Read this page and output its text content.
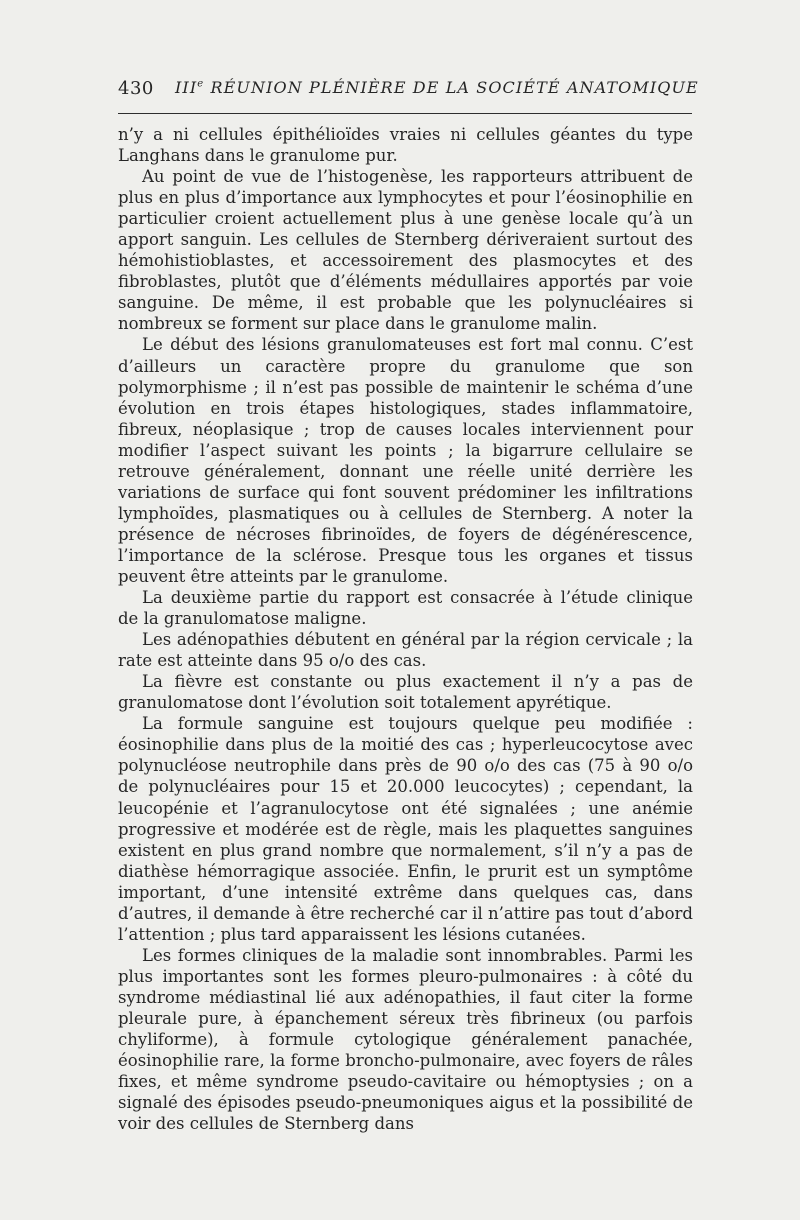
430 IIIe RÉUNION PLÉNIÈRE DE LA SOCIÉTÉ ANATOMIQUE

n’y a ni cellules épithélioïdes vraies ni cellules géantes du type Langhans dans le granulome pur.

Au point de vue de l’histogenèse, les rapporteurs attribuent de plus en plus d’importance aux lymphocytes et pour l’éosinophilie en particulier croient actuellement plus à une genèse locale qu’à un apport sanguin. Les cellules de Sternberg dériveraient surtout des hémohistioblastes, et accessoirement des plasmocytes et des fibroblastes, plutôt que d’éléments médullaires apportés par voie sanguine. De même, il est probable que les polynucléaires si nombreux se forment sur place dans le granulome malin.

Le début des lésions granulomateuses est fort mal connu. C’est d’ailleurs un caractère propre du granulome que son polymorphisme ; il n’est pas possible de maintenir le schéma d’une évolution en trois étapes histologiques, stades inflammatoire, fibreux, néoplasique ; trop de causes locales interviennent pour modifier l’aspect suivant les points ; la bigarrure cellulaire se retrouve généralement, donnant une réelle unité derrière les variations de surface qui font souvent prédominer les infiltrations lymphoïdes, plasmatiques ou à cellules de Sternberg. A noter la présence de nécroses fibrinoïdes, de foyers de dégénérescence, l’importance de la sclérose. Presque tous les organes et tissus peuvent être atteints par le granulome.

La deuxième partie du rapport est consacrée à l’étude clinique de la granulomatose maligne.

Les adénopathies débutent en général par la région cervicale ; la rate est atteinte dans 95 o/o des cas.

La fièvre est constante ou plus exactement il n’y a pas de granulomatose dont l’évolution soit totalement apyrétique.

La formule sanguine est toujours quelque peu modifiée : éosinophilie dans plus de la moitié des cas ; hyperleucocytose avec polynucléose neutrophile dans près de 90 o/o des cas (75 à 90 o/o de polynucléaires pour 15 et 20.000 leucocytes) ; cependant, la leucopénie et l’agranulocytose ont été signalées ; une anémie progressive et modérée est de règle, mais les plaquettes sanguines existent en plus grand nombre que normalement, s’il n’y a pas de diathèse hémorragique associée. Enfin, le prurit est un symptôme important, d’une intensité extrême dans quelques cas, dans d’autres, il demande à être recherché car il n’attire pas tout d’abord l’attention ; plus tard apparaissent les lésions cutanées.

Les formes cliniques de la maladie sont innombrables. Parmi les plus importantes sont les formes pleuro-pulmonaires : à côté du syndrome médiastinal lié aux adénopathies, il faut citer la forme pleurale pure, à épanchement séreux très fibrineux (ou parfois chyliforme), à formule cytologique généralement panachée, éosinophilie rare, la forme broncho-pulmonaire, avec foyers de râles fixes, et même syndrome pseudo-cavitaire ou hémoptysies ; on a signalé des épisodes pseudo-pneumoniques aigus et la possibilité de voir des cellules de Sternberg dans
